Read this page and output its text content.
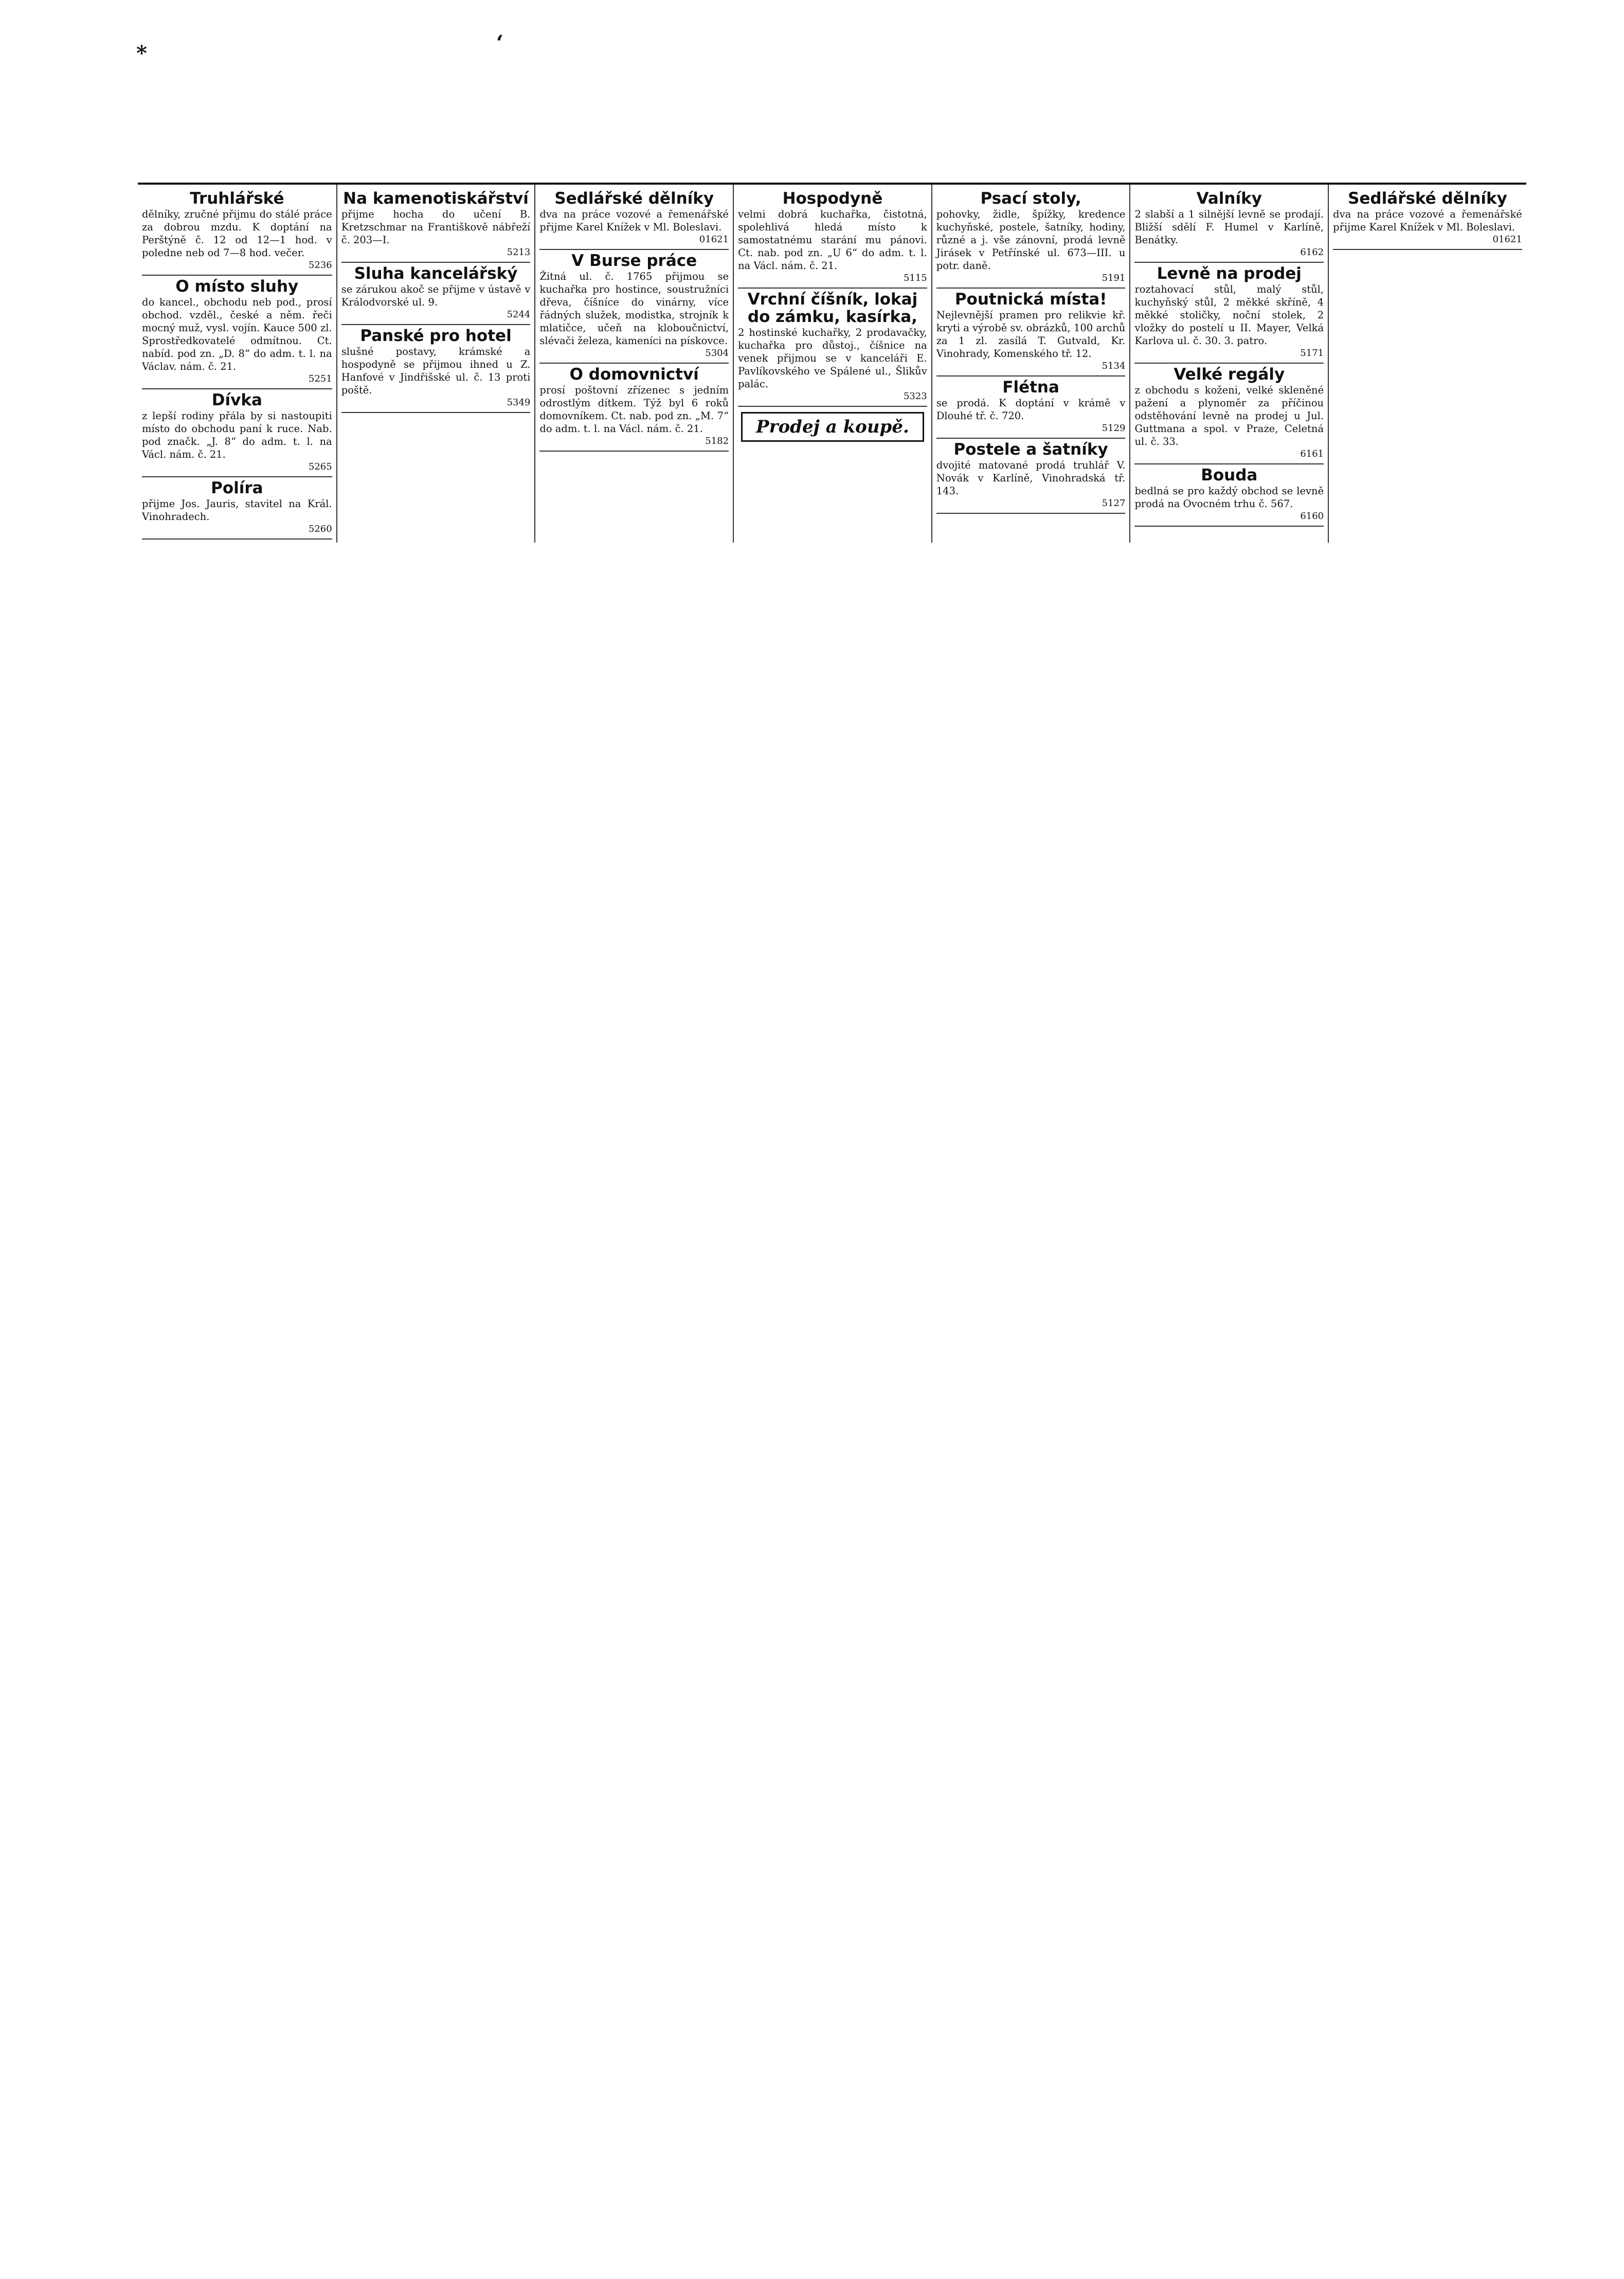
*	‘
Truhlářské

dělníky, zručné přijmu do stálé práce za dobrou mzdu. K doptání na Perštýně č. 12 od 12—1 hod. v poledne neb od 7—8 hod. večer.

5236
O místo sluhy

do kancel., obchodu neb pod., prosí obchod. vzděl., české a něm. řeči mocný muž, vysl. vojín. Kauce 500 zl. Sprostředkovatelé odmítnou. Ct. nabíd. pod zn. „D. 8“ do adm. t. l. na Václav. nám. č. 21.

5251
Dívka

z lepší rodiny přála by si nastoupiti místo do obchodu paní k ruce. Nab. pod značk. „J. 8“ do adm. t. l. na Václ. nám. č. 21.

5265
Políra

přijme Jos. Jauris, stavitel na Král. Vinohradech.

5260
Na kamenotiskářství

přijme hocha do učení B. Kretzschmar na Františkově nábřeží č. 203—I.

5213
Sluha kancelářský

se zárukou akoč se přijme v ústavě v Králodvorské ul. 9.

5244
Panské pro hotel

slušné postavy, krámské a hospodyně se přijmou ihned u Z. Hanfové v Jindřišské ul. č. 13 proti poště.

5349
Sedlářské dělníky

dva na práce vozové a řemenářské přijme Karel Knížek v Ml. Boleslavi.

01621
V Burse práce

Žitná ul. č. 1765 přijmou se kuchařka pro hostince, soustružníci dřeva, číšníce do vinárny, více řádných služek, modistka, strojník k mlatičce, učeň na kloboučnictví, slévači železa, kameníci na pískovce.

5304
O domovnictví

prosí poštovní zřízenec s jedním odrostlým dítkem. Týž byl 6 roků domovníkem. Ct. nab. pod zn. „M. 7“ do adm. t. l. na Václ. nám. č. 21.

5182
Hospodyně

velmi dobrá kuchařka, čistotná, spolehlivá hledá místo k samostatnému starání mu pánovi. Ct. nab. pod zn. „U 6“ do adm. t. l. na Václ. nám. č. 21.

5115
Vrchní číšník, lokaj do zámku, kasírka,

2 hostinské kuchařky, 2 prodavačky, kuchařka pro důstoj., číšnice na venek přijmou se v kanceláři E. Pavlíkovského ve Spálené ul., Šlikův palác.

5323
Prodej a koupě.
Psací stoly,

pohovky, židle, špížky, kredence kuchyňské, postele, šatníky, hodiny, různé a j. vše zánovní, prodá levně Jirásek v Petřínské ul. 673—III. u potr. daně.

5191
Poutnická místa!

Nejlevnější pramen pro relikvie kř. kryti a výrobě sv. obrázků, 100 archů za 1 zl. zasílá T. Gutvald, Kr. Vinohrady, Komenského tř. 12.

5134
Flétna

se prodá. K doptání v krámě v Dlouhé tř. č. 720.

5129
Postele a šatníky

dvojité matované prodá truhlář V. Novák v Karlíně, Vinohradská tř. 143.

5127
Valníky

2 slabší a 1 silnější levně se prodají. Bližší sdělí F. Humel v Karlíně, Benátky.

6162
Levně na prodej

roztahovací stůl, malý stůl, kuchyňský stůl, 2 měkké skříně, 4 měkké stoličky, noční stolek, 2 vložky do postelí u II. Mayer, Velká Karlova ul. č. 30. 3. patro.

5171
Velké regály

z obchodu s koženi, velké skleněné pažení a plynoměr za příčinou odstěhování levně na prodej u Jul. Guttmana a spol. v Praze, Celetná ul. č. 33.

6161
Bouda

bedlná se pro každý obchod se levně prodá na Ovocném trhu č. 567.

6160
Sedlářské dělníky

dva na práce vozové a řemenářské přijme Karel Knížek v Ml. Boleslavi.

01621
